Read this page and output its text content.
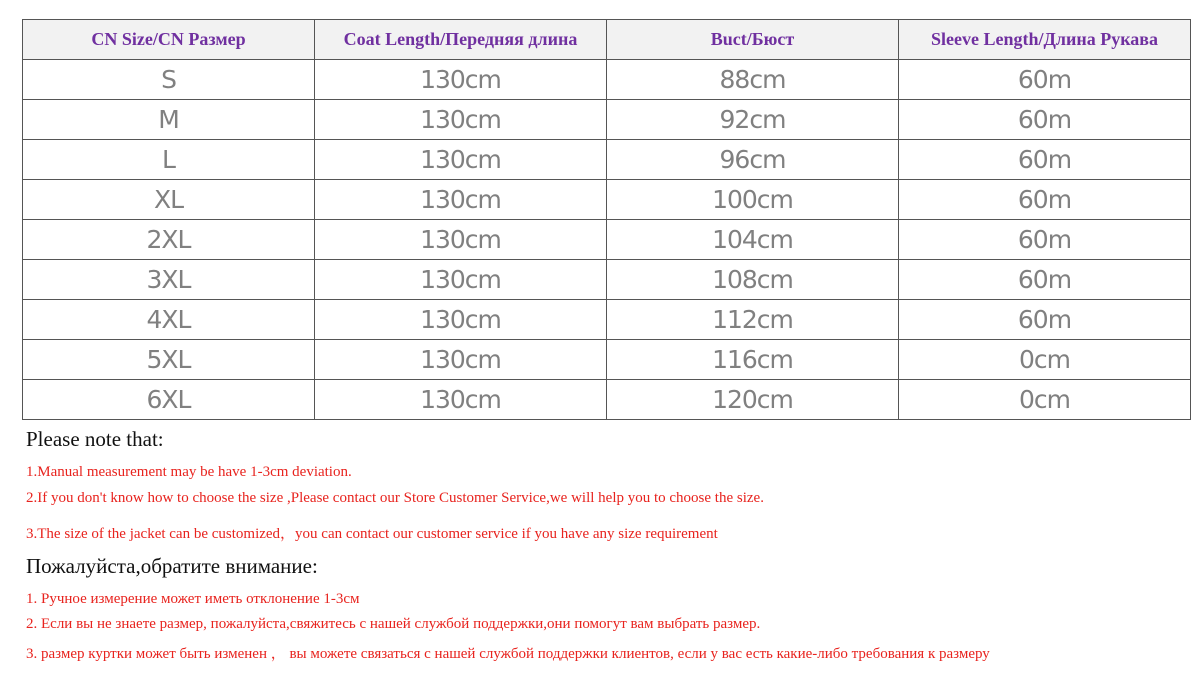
CN Size/CN Размер	Coat Length/Передняя длина	Buct/Бюст	Sleeve Length/Длина Рукава
S	130cm	88cm	60m
M	130cm	92cm	60m
L	130cm	96cm	60m
XL	130cm	100cm	60m
2XL	130cm	104cm	60m
3XL	130cm	108cm	60m
4XL	130cm	112cm	60m
5XL	130cm	116cm	0cm
6XL	130cm	120cm	0cm
Please note that:
1.Manual measurement may be have 1-3cm deviation.
2.If you don't know how to choose the size ,Please contact our Store Customer Service,we will help you to choose the size.
3.The size of the jacket can be customized，you can contact our customer service if you have any size requirement
Пожалуйста,обратите внимание:
1. Ручное измерение может иметь отклонение 1-3см
2. Если вы не знаете размер, пожалуйста,свяжитесь с нашей службой поддержки,они помогут вам выбрать размер.
3. размер куртки может быть изменен ， вы можете связаться с нашей службой поддержки клиентов, если у вас есть какие-либо требования к размеру
